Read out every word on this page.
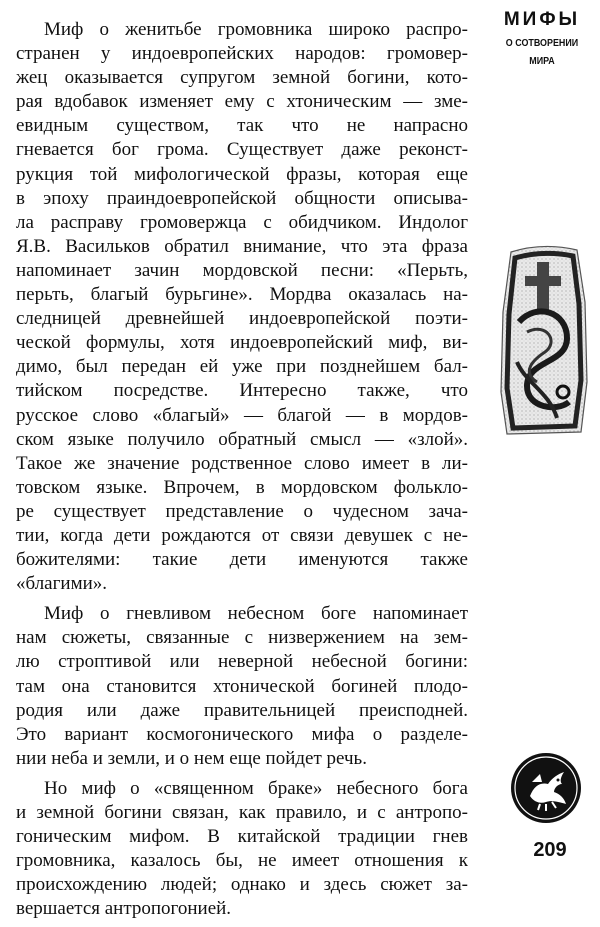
Миф о женитьбе громовника широко распро-
странен у индоевропейских народов: громовер-
жец оказывается супругом земной богини, кото-
рая вдобавок изменяет ему с хтоническим — зме-
евидным существом, так что не напрасно
гневается бог грома. Существует даже реконст-
рукция той мифологической фразы, которая еще
в эпоху праиндоевропейской общности описыва-
ла расправу громовержца с обидчиком. Индолог
Я.В. Васильков обратил внимание, что эта фраза
напоминает зачин мордовской песни: «Перьть,
перьть, благый бурьгине». Мордва оказалась на-
следницей древнейшей индоевропейской поэти-
ческой формулы, хотя индоевропейский миф, ви-
димо, был передан ей уже при позднейшем бал-
тийском посредстве. Интересно также, что
русское слово «благый» — благой — в мордов-
ском языке получило обратный смысл — «злой».
Такое же значение родственное слово имеет в ли-
товском языке. Впрочем, в мордовском фолькло-
ре существует представление о чудесном зачa-
тии, когда дети рождаются от связи девушек с не-
божителями: такие дети именуются также
«благими».
Миф о гневливом небесном боге напоминает
нам сюжеты, связанные с низвержением на зем-
лю строптивой или неверной небесной богини:
там она становится хтонической богиней плодо-
родия или даже правительницей преисподней.
Это вариант космогонического мифа о разделе-
нии неба и земли, и о нем еще пойдет речь.
Но миф о «священном браке» небесного бога
и земной богини связан, как правило, и с антропо-
гоническим мифом. В китайской традиции гнев
громовника, казалось бы, не имеет отношения к
происхождению людей; однако и здесь сюжет за-
вершается антропогонией.

МИФЫ

О СОТВОРЕНИИ

МИРА

209
